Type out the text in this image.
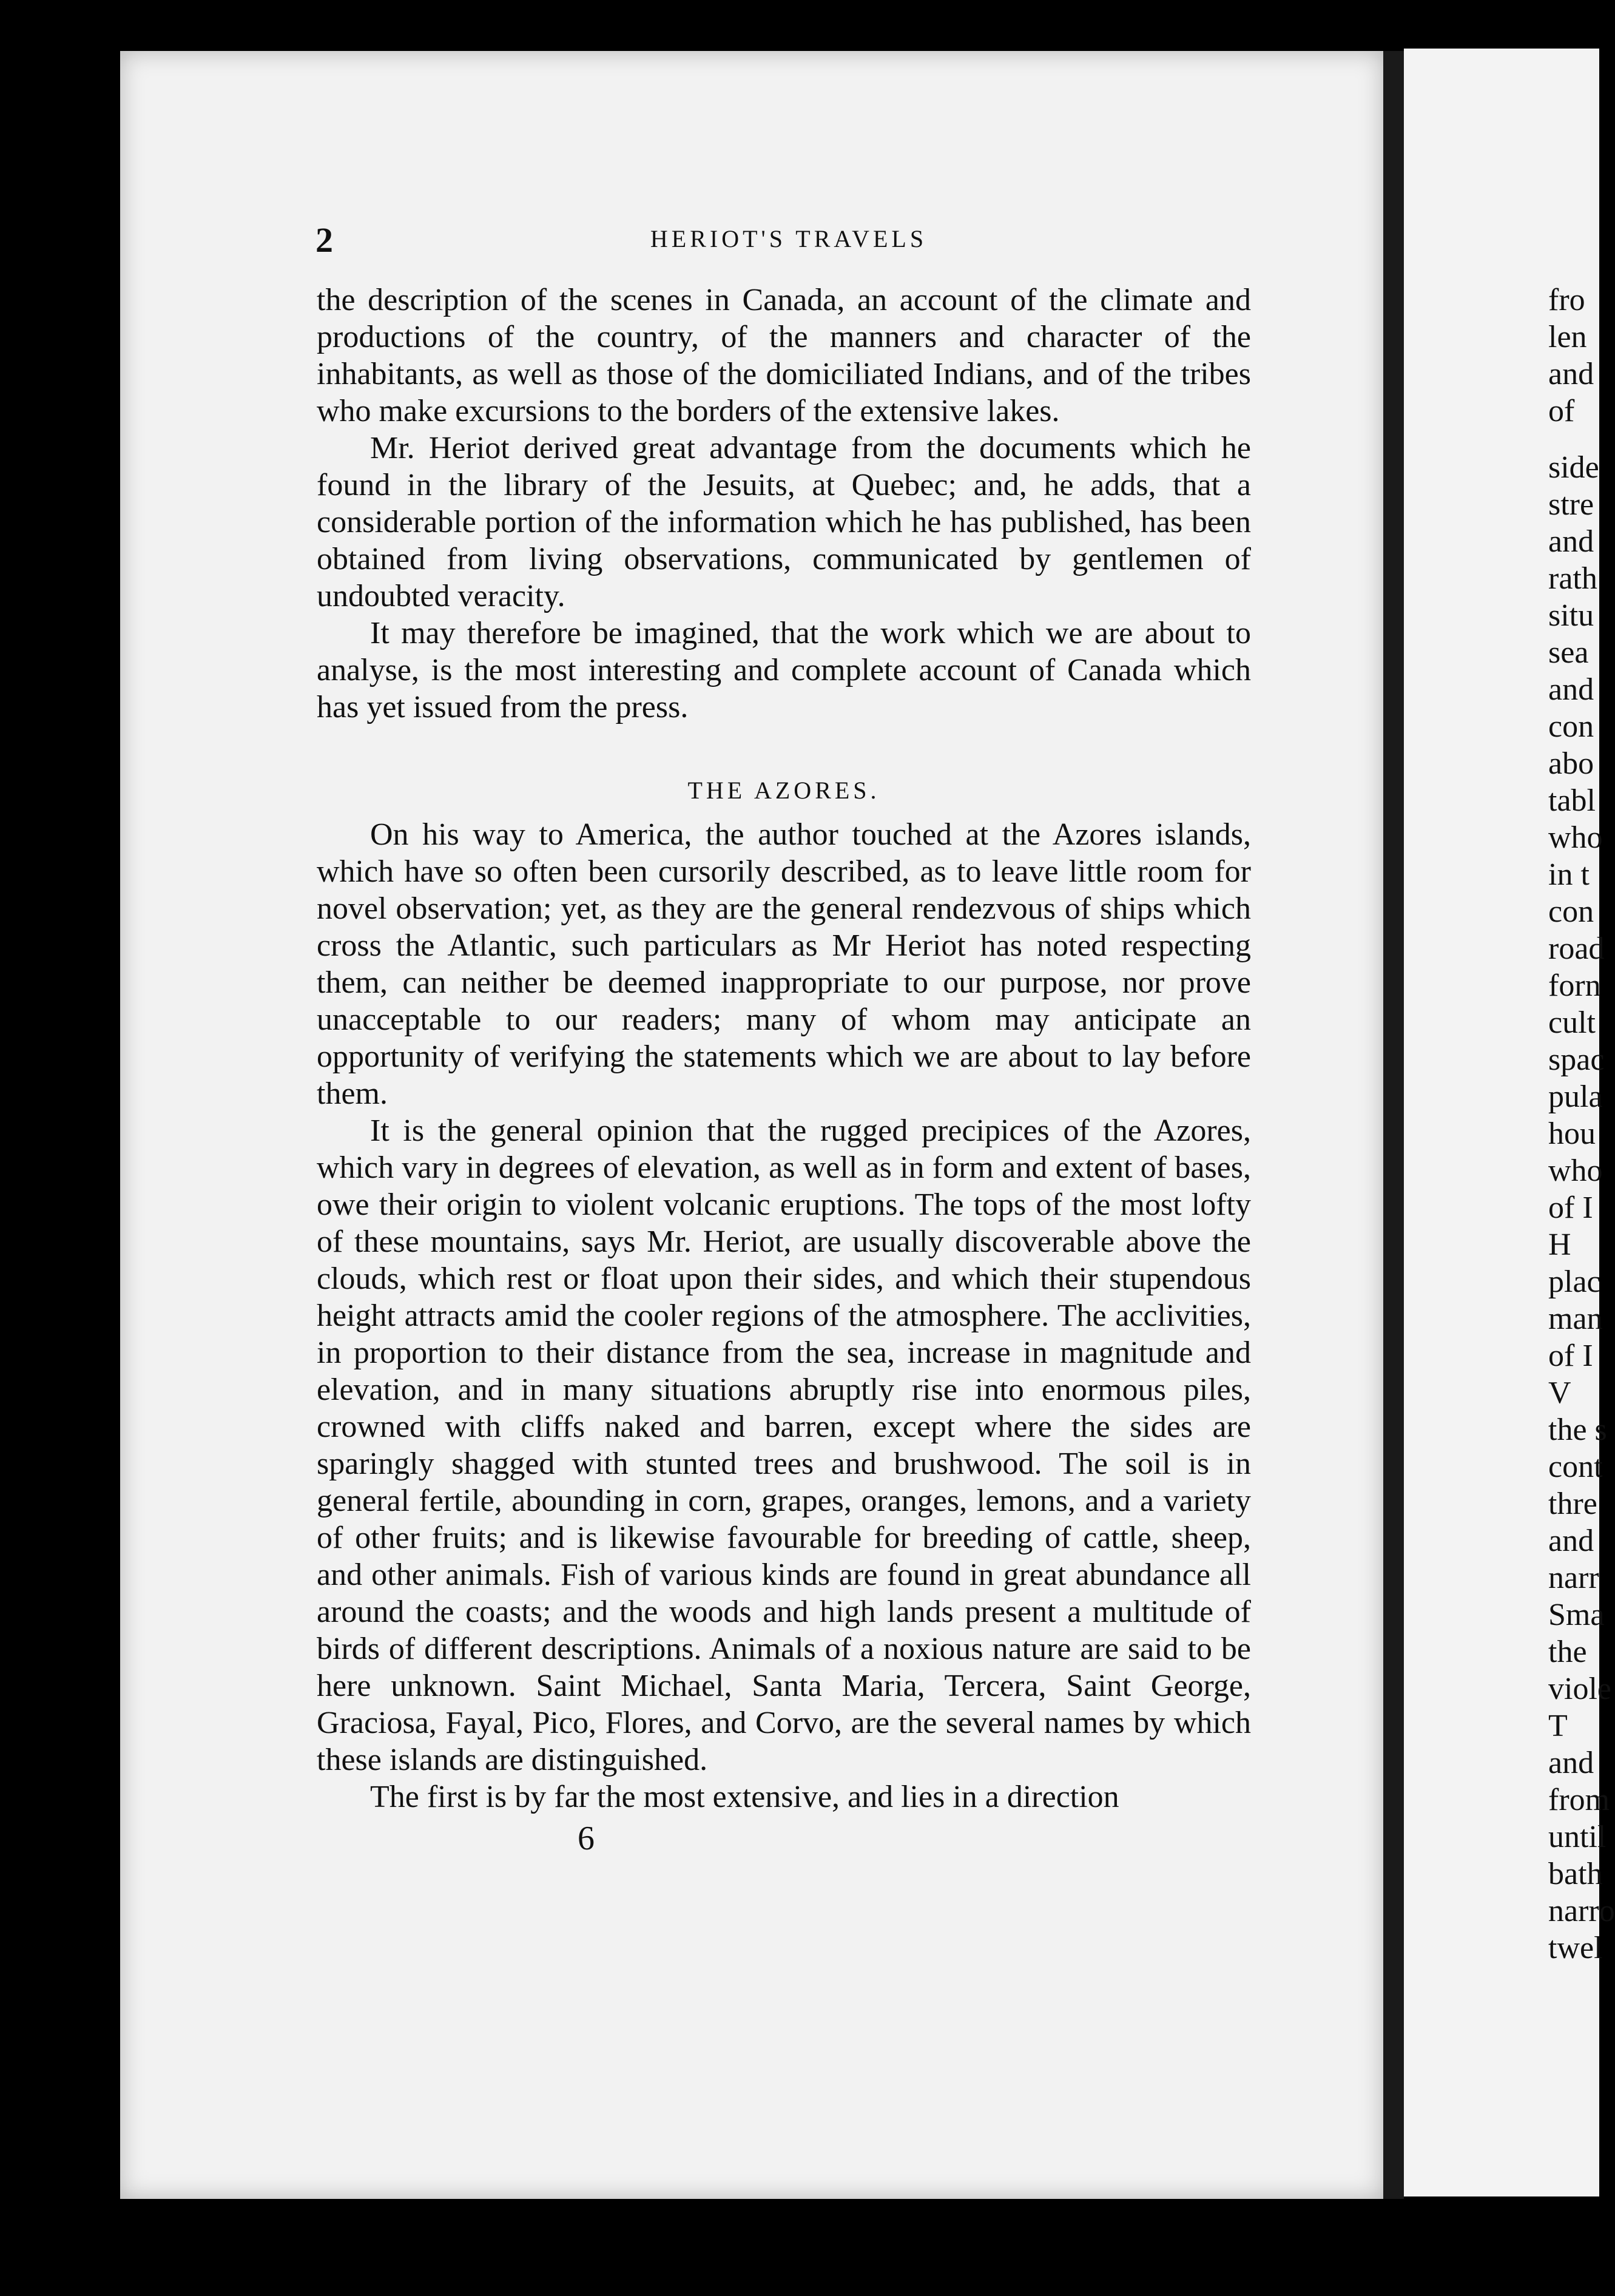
2	HERIOT'S TRAVELS

the description of the scenes in Canada, an account of the climate and productions of the country, of the manners and character of the inhabitants, as well as those of the domiciliated Indians, and of the tribes who make excursions to the borders of the extensive lakes.

Mr. Heriot derived great advantage from the documents which he found in the library of the Jesuits, at Quebec; and, he adds, that a considerable portion of the information which he has published, has been obtained from living observations, communicated by gentlemen of undoubted veracity.

It may therefore be imagined, that the work which we are about to analyse, is the most interesting and complete account of Canada which has yet issued from the press.

THE AZORES.

On his way to America, the author touched at the Azores islands, which have so often been cursorily described, as to leave little room for novel observation; yet, as they are the general rendezvous of ships which cross the Atlantic, such particulars as Mr Heriot has noted respecting them, can neither be deemed inappropriate to our purpose, nor prove unacceptable to our readers; many of whom may anticipate an opportunity of verifying the statements which we are about to lay before them.

It is the general opinion that the rugged precipices of the Azores, which vary in degrees of elevation, as well as in form and extent of bases, owe their origin to violent volcanic eruptions. The tops of the most lofty of these mountains, says Mr. Heriot, are usually discoverable above the clouds, which rest or float upon their sides, and which their stupendous height attracts amid the cooler regions of the atmosphere. The acclivities, in proportion to their distance from the sea, increase in magnitude and elevation, and in many situations abruptly rise into enormous piles, crowned with cliffs naked and barren, except where the sides are sparingly shagged with stunted trees and brushwood. The soil is in general fertile, abounding in corn, grapes, oranges, lemons, and a variety of other fruits; and is likewise favourable for breeding of cattle, sheep, and other animals. Fish of various kinds are found in great abundance all around the coasts; and the woods and high lands present a multitude of birds of different descriptions. Animals of a noxious nature are said to be here unknown. Saint Michael, Santa Maria, Tercera, Saint George, Graciosa, Fayal, Pico, Flores, and Corvo, are the several names by which these islands are distinguished.

The first is by far the most extensive, and lies in a direction

6
fro
len
and
of
side
stre
and
rath
situ
sea
and
con
abo
tabl
who
in t
con
road
forn
cult
spac
pula
hou
who
of I
H
plac
man
of I
V
the s
cont
thre
and
narr
Sma
the
viole
T
and
from
until
bath
narro
twel
